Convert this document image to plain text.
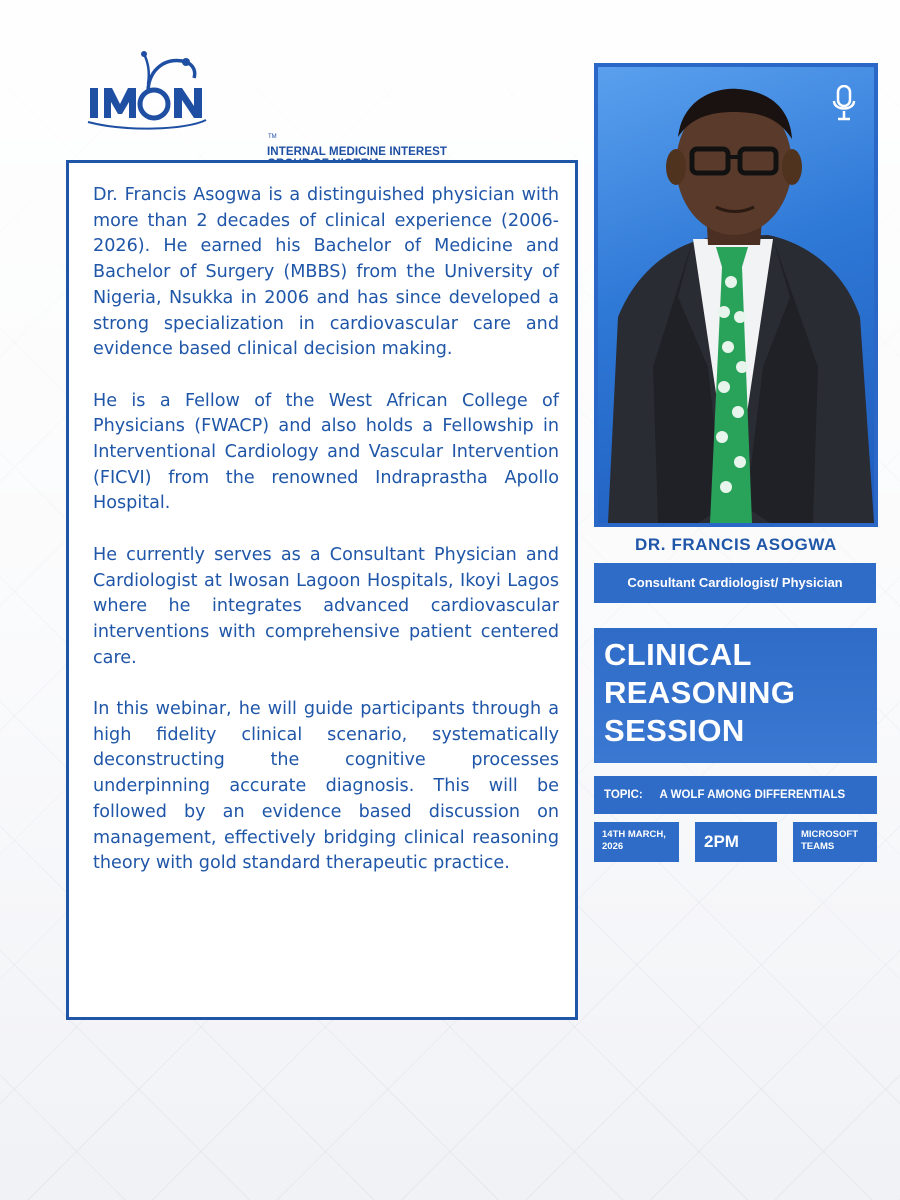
TM
INTERNAL MEDICINE INTEREST

Dr. Francis Asogwa is a distinguished physician with more than 2 decades of clinical experience (2006-2026). He earned his Bachelor of Medicine and Bachelor of Surgery (MBBS) from the University of Nigeria, Nsukka in 2006 and has since developed a strong specialization in cardiovascular care and evidence based clinical decision making.

He is a Fellow of the West African College of Physicians (FWACP) and also holds a Fellowship in Interventional Cardiology and Vascular Intervention (FICVI) from the renowned Indraprastha Apollo Hospital.

He currently serves as a Consultant Physician and Cardiologist at Iwosan Lagoon Hospitals, Ikoyi Lagos where he integrates advanced cardiovascular interventions with comprehensive patient centered care.

In this webinar, he will guide participants through a high fidelity clinical scenario, systematically deconstructing the cognitive processes underpinning accurate diagnosis. This will be followed by an evidence based discussion on management, effectively bridging clinical reasoning theory with gold standard therapeutic practice.

DR. FRANCIS ASOGWA
Consultant Cardiologist/ Physician
CLINICAL
REASONING
SESSION
TOPIC: A WOLF AMONG DIFFERENTIALS
14TH MARCH,
2026	2PM	MICROSOFT
TEAMS
